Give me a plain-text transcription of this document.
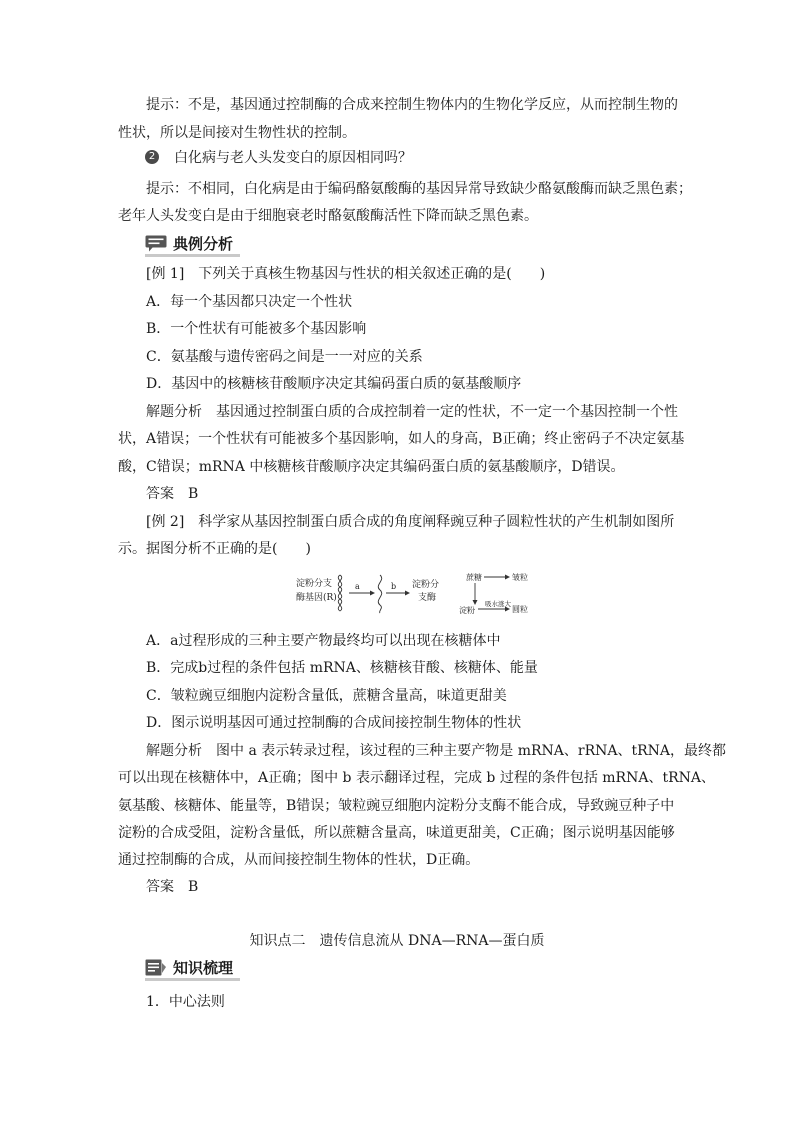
提示：不是，基因通过控制酶的合成来控制生物体内的生物化学反应，从而控制生物的
性状，所以是间接对生物性状的控制。
2 白化病与老人头发变白的原因相同吗？
提示：不相同，白化病是由于编码酪氨酸酶的基因异常导致缺少酪氨酸酶而缺乏黑色素；
老年人头发变白是由于细胞衰老时酪氨酸酶活性下降而缺乏黑色素。
典例分析
[例 1]　下列关于真核生物基因与性状的相关叙述正确的是(　　)
A．每一个基因都只决定一个性状
B．一个性状有可能被多个基因影响
C．氨基酸与遗传密码之间是一一对应的关系
D．基因中的核糖核苷酸顺序决定其编码蛋白质的氨基酸顺序
解题分析　 基因通过控制蛋白质的合成控制着一定的性状，不一定一个基因控制一个性
状，A错误；一个性状有可能被多个基因影响，如人的身高，B正确；终止密码子不决定氨基
酸，C错误；mRNA 中核糖核苷酸顺序决定其编码蛋白质的氨基酸顺序，D错误。
答案　 B
[例 2]　科学家从基因控制蛋白质合成的角度阐释豌豆种子圆粒性状的产生机制如图所
示。据图分析不正确的是(　　)
淀粉分支
酶基因(R)
a	b 淀粉分
支酶
蔗糖	皱粒
淀粉
吸水涨大
圆粒
A．a过程形成的三种主要产物最终均可以出现在核糖体中
B．完成b过程的条件包括 mRNA、核糖核苷酸、核糖体、能量
C．皱粒豌豆细胞内淀粉含量低，蔗糖含量高，味道更甜美
D．图示说明基因可通过控制酶的合成间接控制生物体的性状
解题分析　 图中 a 表示转录过程，该过程的三种主要产物是 mRNA、rRNA、tRNA，最终都
可以出现在核糖体中，A正确；图中 b 表示翻译过程，完成 b 过程的条件包括 mRNA、tRNA、
氨基酸、核糖体、能量等，B错误；皱粒豌豆细胞内淀粉分支酶不能合成，导致豌豆种子中
淀粉的合成受阻，淀粉含量低，所以蔗糖含量高，味道更甜美，C正确；图示说明基因能够
通过控制酶的合成，从而间接控制生物体的性状，D正确。
答案　 B
知识点二　遗传信息流从 DNA—RNA—蛋白质
知识梳理
1．中心法则
